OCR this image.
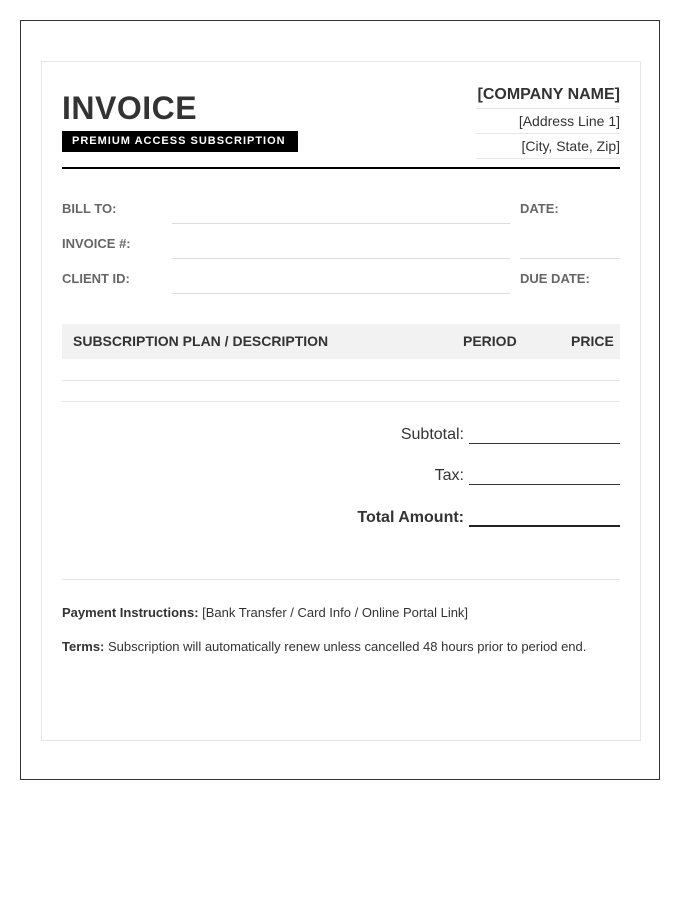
INVOICE
PREMIUM ACCESS SUBSCRIPTION
[COMPANY NAME]
[Address Line 1]
[City, State, Zip]
BILL TO:
INVOICE #:
CLIENT ID:
DATE:
DUE DATE:
SUBSCRIPTION PLAN / DESCRIPTION	PERIOD	PRICE
Subtotal:
Tax:
Total Amount:
Payment Instructions: [Bank Transfer / Card Info / Online Portal Link]
Terms: Subscription will automatically renew unless cancelled 48 hours prior to period end.
